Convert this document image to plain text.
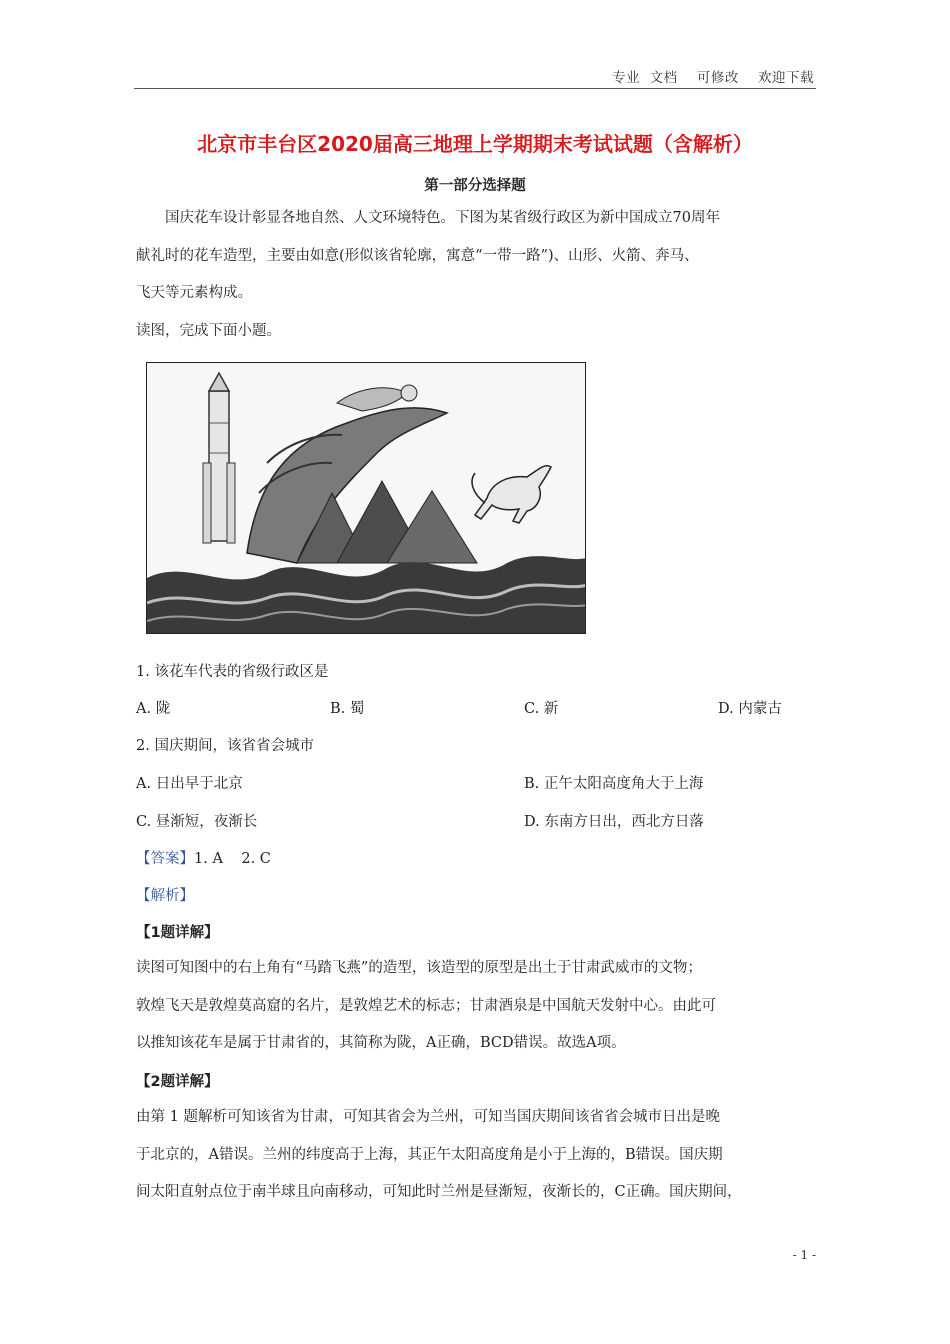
专业  文档    可修改    欢迎下载
北京市丰台区2020届高三地理上学期期末考试试题（含解析）
第一部分选择题

国庆花车设计彰显各地自然、人文环境特色。下图为某省级行政区为新中国成立70周年

献礼时的花车造型，主要由如意(形似该省轮廓，寓意“一带一路”)、山形、火箭、奔马、

飞天等元素构成。

读图，完成下面小题。

1. 该花车代表的省级行政区是
A. 陇	B. 蜀	C. 新	D. 内蒙古
2. 国庆期间，该省省会城市
A. 日出早于北京	B. 正午太阳高度角大于上海
C. 昼渐短，夜渐长	D. 东南方日出，西北方日落
【答案】1. A    2. C
【解析】
【1题详解】

读图可知图中的右上角有“马踏飞燕”的造型，该造型的原型是出土于甘肃武威市的文物；

敦煌飞天是敦煌莫高窟的名片，是敦煌艺术的标志；甘肃酒泉是中国航天发射中心。由此可

以推知该花车是属于甘肃省的，其简称为陇，A正确，BCD错误。故选A项。

【2题详解】

由第 1 题解析可知该省为甘肃，可知其省会为兰州，可知当国庆期间该省省会城市日出是晚

于北京的，A错误。兰州的纬度高于上海，其正午太阳高度角是小于上海的，B错误。国庆期

间太阳直射点位于南半球且向南移动，可知此时兰州是昼渐短，夜渐长的，C正确。国庆期间，

- 1 -
